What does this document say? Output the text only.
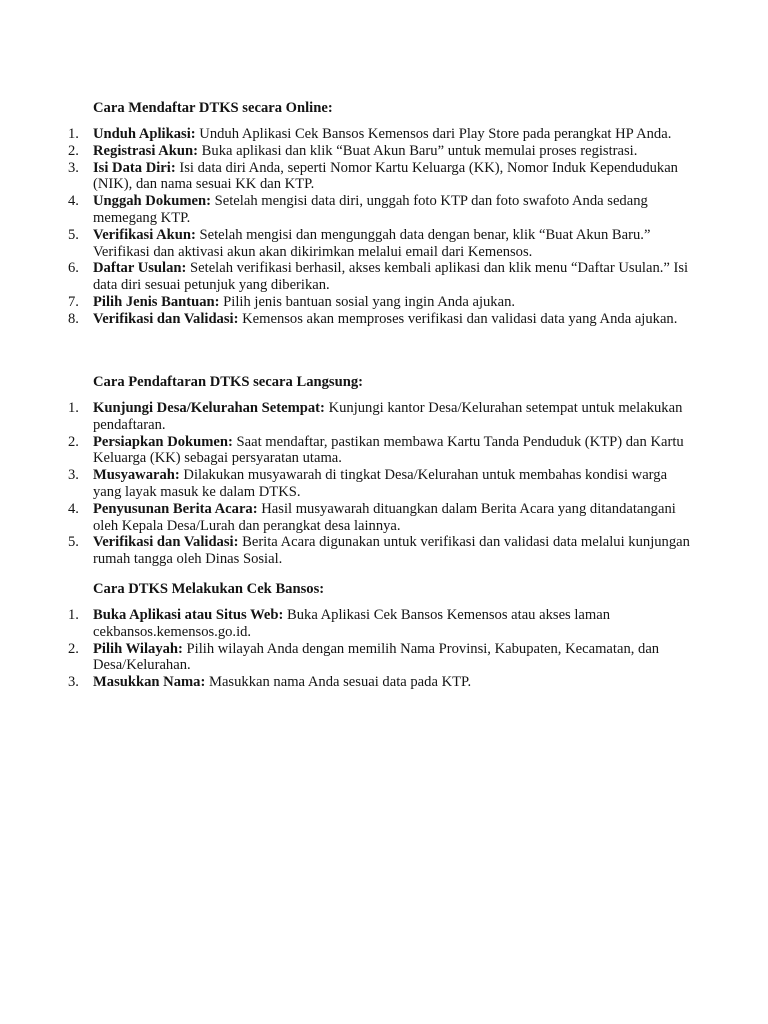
Cara Mendaftar DTKS secara Online:

1. Unduh Aplikasi: Unduh Aplikasi Cek Bansos Kemensos dari Play Store pada perangkat HP Anda.
2. Registrasi Akun: Buka aplikasi dan klik “Buat Akun Baru” untuk memulai proses registrasi.
3. Isi Data Diri: Isi data diri Anda, seperti Nomor Kartu Keluarga (KK), Nomor Induk Kependudukan (NIK), dan nama sesuai KK dan KTP.
4. Unggah Dokumen: Setelah mengisi data diri, unggah foto KTP dan foto swafoto Anda sedang memegang KTP.
5. Verifikasi Akun: Setelah mengisi dan mengunggah data dengan benar, klik “Buat Akun Baru.” Verifikasi dan aktivasi akun akan dikirimkan melalui email dari Kemensos.
6. Daftar Usulan: Setelah verifikasi berhasil, akses kembali aplikasi dan klik menu “Daftar Usulan.” Isi data diri sesuai petunjuk yang diberikan.
7. Pilih Jenis Bantuan: Pilih jenis bantuan sosial yang ingin Anda ajukan.
8. Verifikasi dan Validasi: Kemensos akan memproses verifikasi dan validasi data yang Anda ajukan.

Cara Pendaftaran DTKS secara Langsung:

1. Kunjungi Desa/Kelurahan Setempat: Kunjungi kantor Desa/Kelurahan setempat untuk melakukan pendaftaran.
2. Persiapkan Dokumen: Saat mendaftar, pastikan membawa Kartu Tanda Penduduk (KTP) dan Kartu Keluarga (KK) sebagai persyaratan utama.
3. Musyawarah: Dilakukan musyawarah di tingkat Desa/Kelurahan untuk membahas kondisi warga yang layak masuk ke dalam DTKS.
4. Penyusunan Berita Acara: Hasil musyawarah dituangkan dalam Berita Acara yang ditandatangani oleh Kepala Desa/Lurah dan perangkat desa lainnya.
5. Verifikasi dan Validasi: Berita Acara digunakan untuk verifikasi dan validasi data melalui kunjungan rumah tangga oleh Dinas Sosial.

Cara DTKS Melakukan Cek Bansos:

1. Buka Aplikasi atau Situs Web: Buka Aplikasi Cek Bansos Kemensos atau akses laman cekbansos.kemensos.go.id.
2. Pilih Wilayah: Pilih wilayah Anda dengan memilih Nama Provinsi, Kabupaten, Kecamatan, dan Desa/Kelurahan.
3. Masukkan Nama: Masukkan nama Anda sesuai data pada KTP.
